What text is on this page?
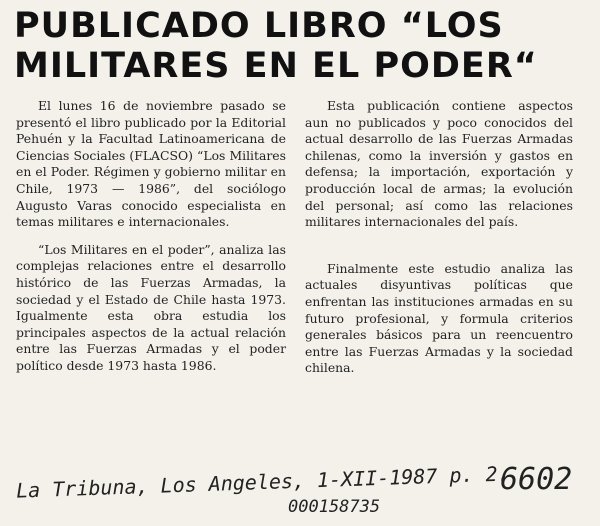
PUBLICADO LIBRO “LOS
MILITARES EN EL PODER“

El lunes 16 de noviembre pasado se presentó el libro publicado por la Editorial Pehuén y la Facultad Latinoamericana de Ciencias Sociales (FLACSO) “Los Militares en el Poder. Régimen y gobierno militar en Chile, 1973 — 1986”, del sociólogo Augusto Varas conocido especialista en temas militares e internacionales.

“Los Militares en el poder”, analiza las complejas relaciones entre el desarrollo histórico de las Fuerzas Armadas, la sociedad y el Estado de Chile hasta 1973. Igualmente esta obra estudia los principales aspectos de la actual relación entre las Fuerzas Armadas y el poder político desde 1973 hasta 1986.

Esta publicación contiene aspectos aun no publicados y poco conocidos del actual desarrollo de las Fuerzas Armadas chilenas, como la inversión y gastos en defensa; la importación, exportación y producción local de armas; la evolución del personal; así como las relaciones militares internacionales del país.

Finalmente este estudio analiza las actuales disyuntivas políticas que enfrentan las instituciones armadas en su futuro profesional, y formula criterios generales básicos para un reencuentro entre las Fuerzas Armadas y la sociedad chilena.

La Tribuna, Los Angeles, 1-XII-1987 p. 2.
6602
000158735
